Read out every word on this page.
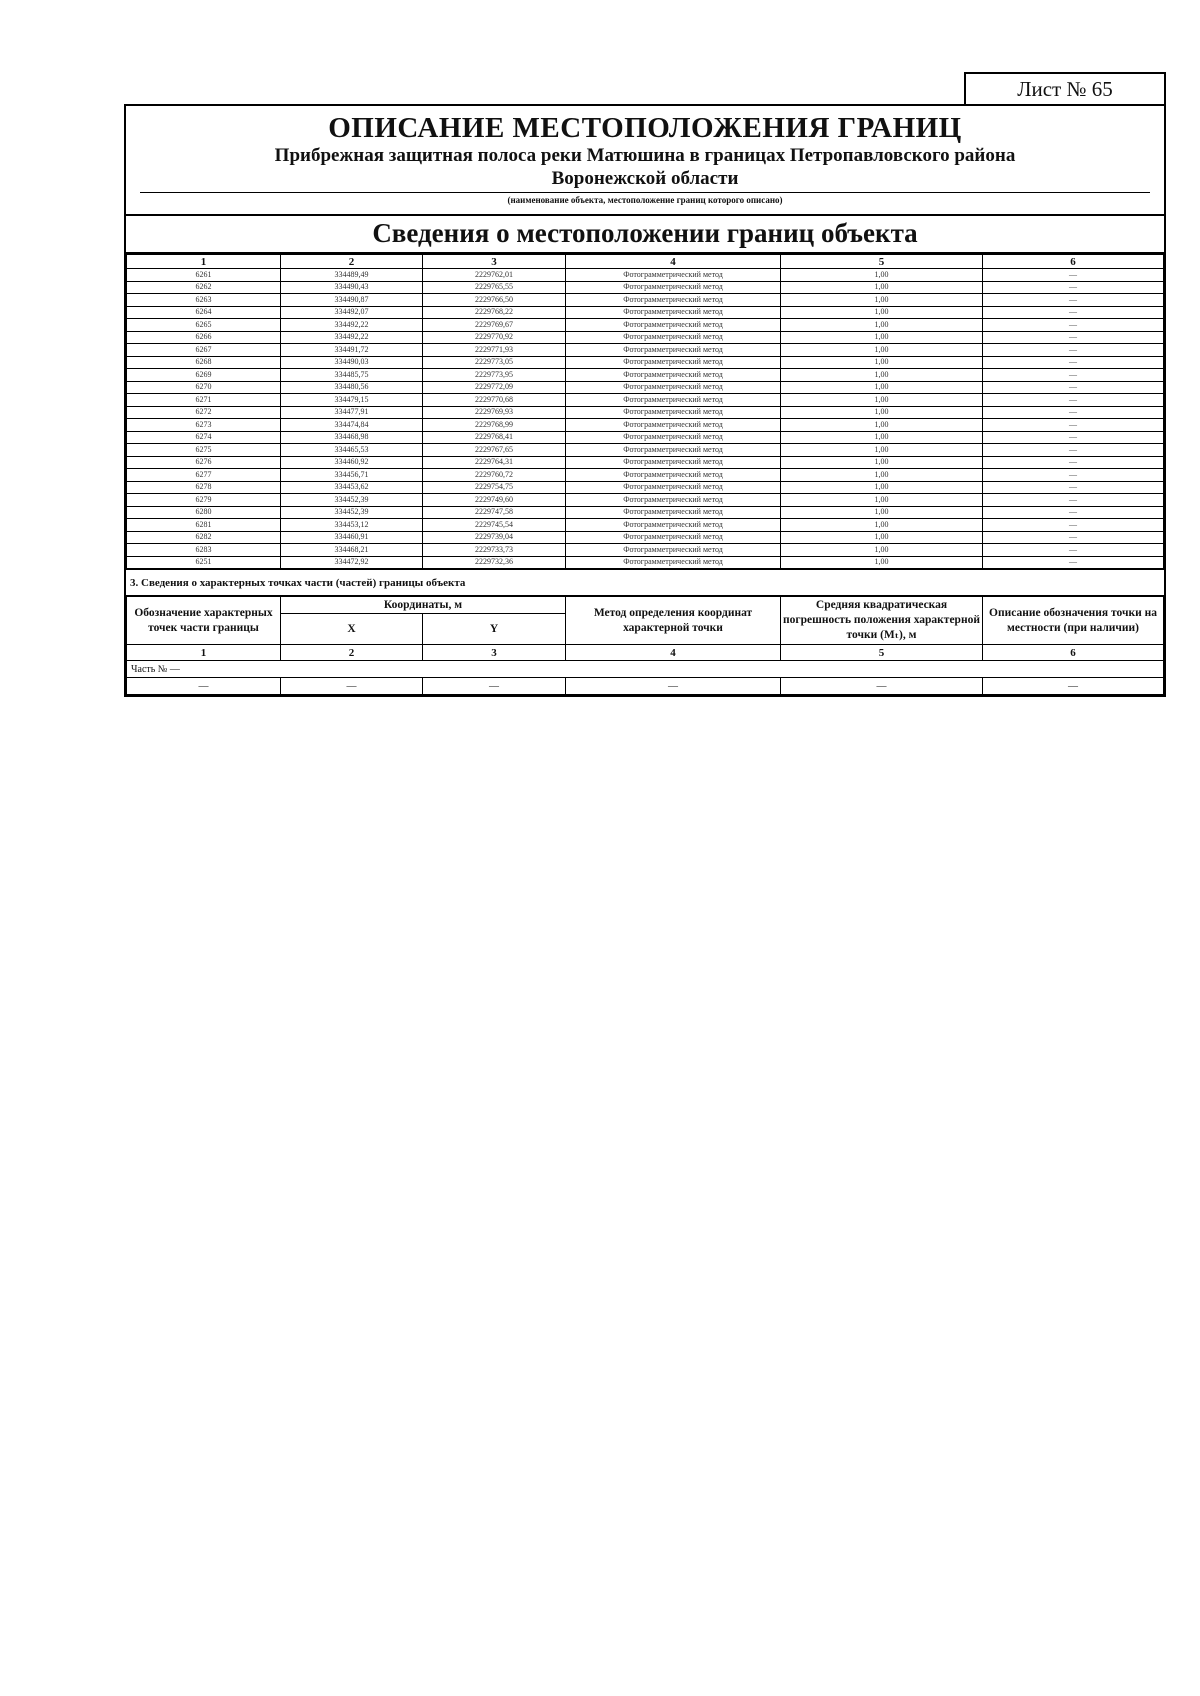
Лист № 65
ОПИСАНИЕ МЕСТОПОЛОЖЕНИЯ ГРАНИЦ
Прибрежная защитная полоса реки Матюшина в границах Петропавловского района
Воронежской области
(наименование объекта, местоположение границ которого описано)
Сведения о местоположении границ объекта
1	2	3	4	5	6
6261	334489,49	2229762,01	Фотограмметрический метод	1,00	—
6262	334490,43	2229765,55	Фотограмметрический метод	1,00	—
6263	334490,87	2229766,50	Фотограмметрический метод	1,00	—
6264	334492,07	2229768,22	Фотограмметрический метод	1,00	—
6265	334492,22	2229769,67	Фотограмметрический метод	1,00	—
6266	334492,22	2229770,92	Фотограмметрический метод	1,00	—
6267	334491,72	2229771,93	Фотограмметрический метод	1,00	—
6268	334490,03	2229773,05	Фотограмметрический метод	1,00	—
6269	334485,75	2229773,95	Фотограмметрический метод	1,00	—
6270	334480,56	2229772,09	Фотограмметрический метод	1,00	—
6271	334479,15	2229770,68	Фотограмметрический метод	1,00	—
6272	334477,91	2229769,93	Фотограмметрический метод	1,00	—
6273	334474,84	2229768,99	Фотограмметрический метод	1,00	—
6274	334468,98	2229768,41	Фотограмметрический метод	1,00	—
6275	334465,53	2229767,65	Фотограмметрический метод	1,00	—
6276	334460,92	2229764,31	Фотограмметрический метод	1,00	—
6277	334456,71	2229760,72	Фотограмметрический метод	1,00	—
6278	334453,62	2229754,75	Фотограмметрический метод	1,00	—
6279	334452,39	2229749,60	Фотограмметрический метод	1,00	—
6280	334452,39	2229747,58	Фотограмметрический метод	1,00	—
6281	334453,12	2229745,54	Фотограмметрический метод	1,00	—
6282	334460,91	2229739,04	Фотограмметрический метод	1,00	—
6283	334468,21	2229733,73	Фотограмметрический метод	1,00	—
6251	334472,92	2229732,36	Фотограмметрический метод	1,00	—
3. Сведения о характерных точках части (частей) границы объекта
Обозначение характерных точек части границы	Координаты, м		Метод определения координат характерной точки	Средняя квадратическая погрешность положения характерной точки (Mₜ), м	Описание обозначения точки на местности (при наличии)
	X	Y			
1	2	3	4	5	6
Часть № —					
—	—	—	—	—	—
